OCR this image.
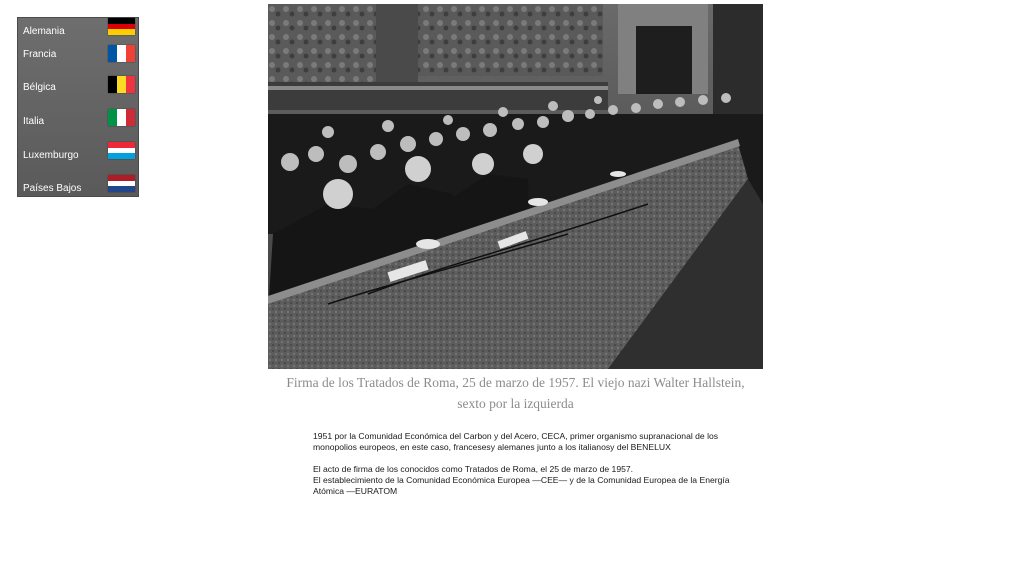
Alemania
Francia
Bélgica
Italia
Luxemburgo
Países Bajos
Firma de los Tratados de Roma, 25 de marzo de 1957. El viejo nazi Walter Hallstein,
sexto por la izquierda

1951 por la Comunidad Económica del Carbon y del Acero, CECA, primer organismo supranacional de los
monopolios europeos, en este caso, francesesy alemanes junto a los italianosy del BENELUX

El acto de firma de los conocidos como Tratados de Roma, el 25 de marzo de 1957.
El establecimiento de la Comunidad Económica Europea —CEE— y de la Comunidad Europea de la Energía
Atómica —EURATOM
